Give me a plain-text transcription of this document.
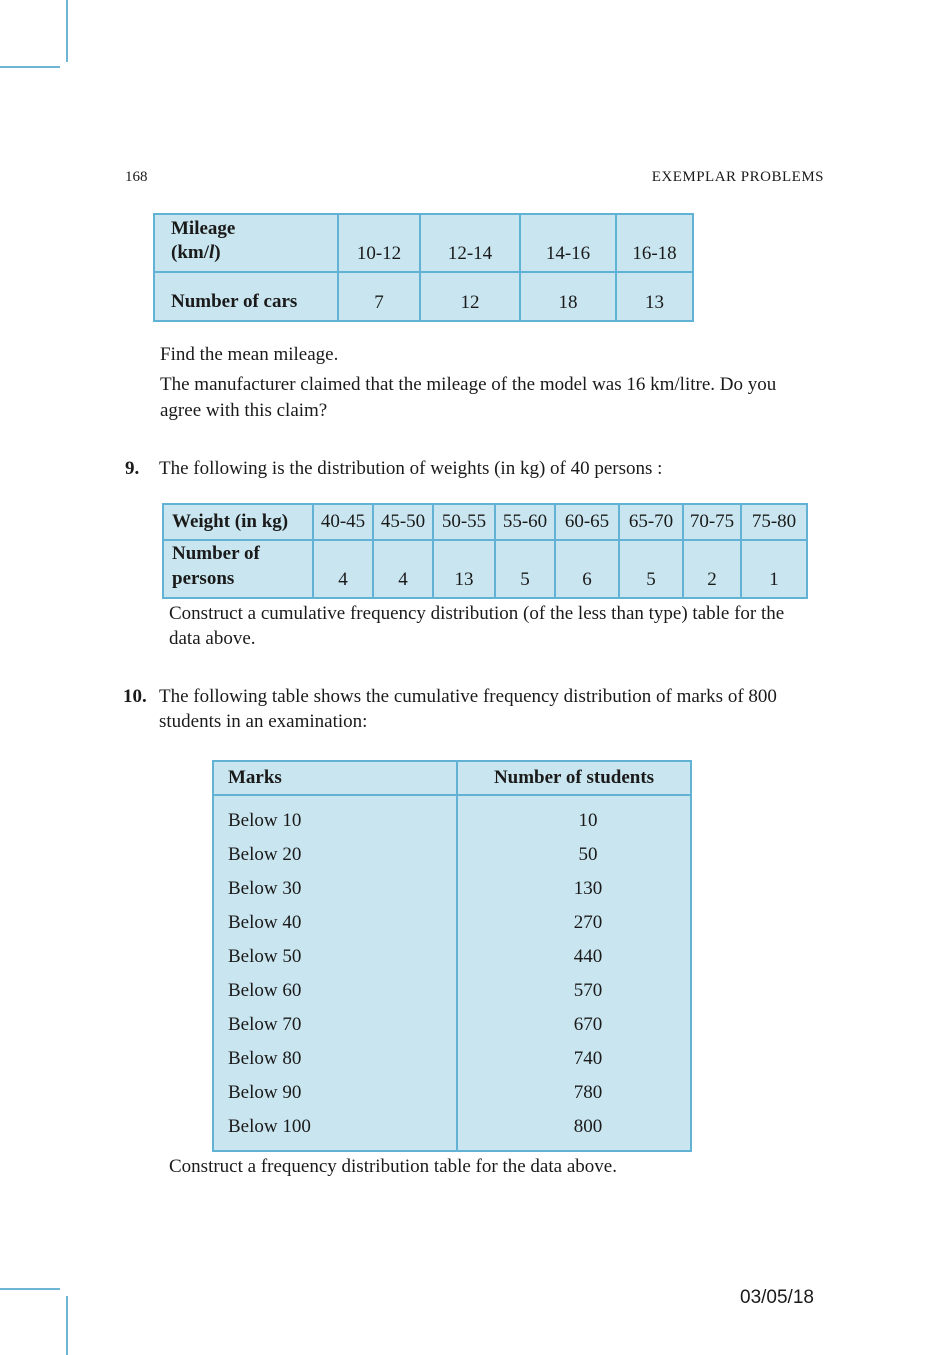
168	EXEMPLAR PROBLEMS
Mileage
(km/l)	10-12	12-14	14-16	16-18
Number of cars	7	12	18	13
Find the mean mileage.
The manufacturer claimed that the mileage of the model was 16 km/litre. Do you
agree with this claim?
9. The following is the distribution of weights (in kg) of 40 persons :
Weight (in kg)	40-45	45-50	50-55	55-60	60-65	65-70	70-75	75-80
Number of
persons	4	4	13	5	6	5	2	1
Construct a cumulative frequency distribution (of the less than type) table for the
data above.
10. The following table shows the cumulative frequency distribution of marks of 800
students in an examination:
Marks	Number of students
Below 10	10
Below 20	50
Below 30	130
Below 40	270
Below 50	440
Below 60	570
Below 70	670
Below 80	740
Below 90	780
Below 100	800
Construct a frequency distribution table for the data above.
03/05/18
